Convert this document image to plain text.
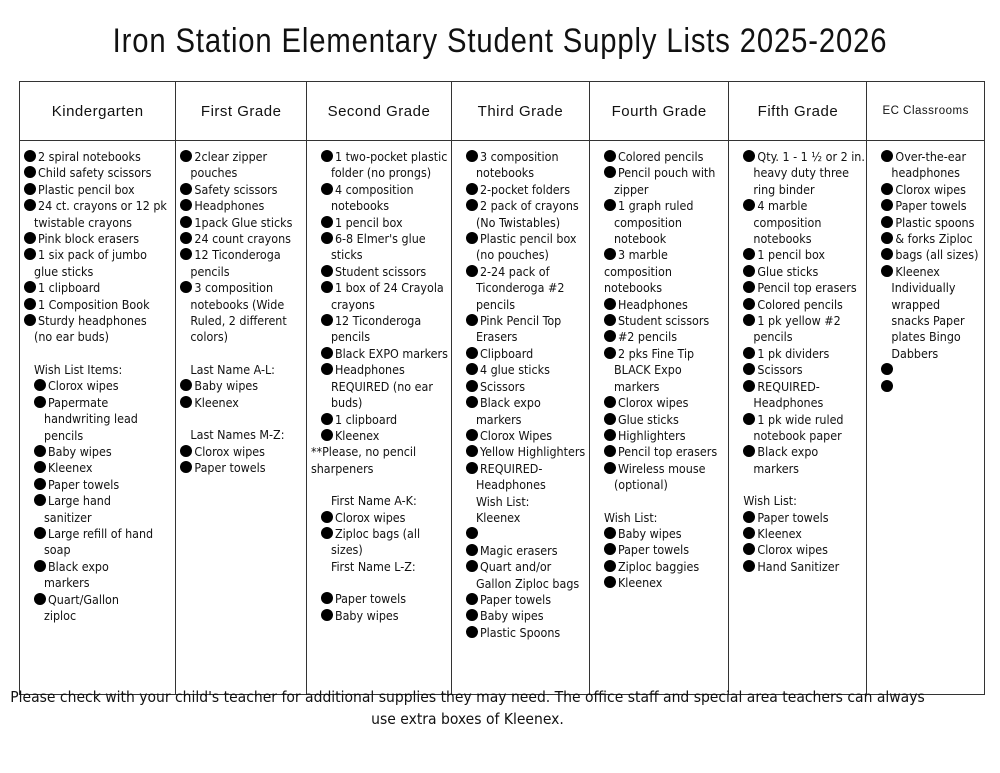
Iron Station Elementary Student Supply Lists 2025-2026
Kindergarten
2 spiral notebooks
Child safety scissors
Plastic pencil box
24 ct. crayons or 12 pk
twistable crayons
Pink block erasers
1 six pack of jumbo
glue sticks
1 clipboard
1 Composition Book
Sturdy headphones
(no ear buds)
Wish List Items:
Clorox wipes
Papermate
handwriting lead
pencils
Baby wipes
Kleenex
Paper towels
Large hand
sanitizer
Large refill of hand
soap
Black expo
markers
Quart/Gallon
ziploc
First Grade
2clear zipper
pouches
Safety scissors
Headphones
1pack Glue sticks
24 count crayons
12 Ticonderoga
pencils
3 composition
notebooks (Wide
Ruled, 2 different
colors)
Last Name A-L:
Baby wipes
Kleenex
Last Names M-Z:
Clorox wipes
Paper towels
Second Grade
1 two-pocket plastic
folder (no prongs)
4 composition
notebooks
1 pencil box
6-8 Elmer's glue
sticks
Student scissors
1 box of 24 Crayola
crayons
12 Ticonderoga
pencils
Black EXPO markers
Headphones
REQUIRED (no ear
buds)
1 clipboard
Kleenex
**Please, no pencil
sharpeners
First Name A-K:
Clorox wipes
Ziploc bags (all
sizes)
First Name L-Z:
Paper towels
Baby wipes
Third Grade
3 composition
notebooks
2-pocket folders
2 pack of crayons
(No Twistables)
Plastic pencil box
(no pouches)
2-24 pack of
Ticonderoga #2
pencils
Pink Pencil Top
Erasers
Clipboard
4 glue sticks
Scissors
Black expo
markers
Clorox Wipes
Yellow Highlighters
REQUIRED-
Headphones
Wish List:
Kleenex
Magic erasers
Quart and/or
Gallon Ziploc bags
Paper towels
Baby wipes
Plastic Spoons
Fourth Grade
Colored pencils
Pencil pouch with
zipper
1 graph ruled
composition
notebook
3 marble
composition
notebooks
Headphones
Student scissors
#2 pencils
2 pks Fine Tip
BLACK Expo
markers
Clorox wipes
Glue sticks
Highlighters
Pencil top erasers
Wireless mouse
(optional)
Wish List:
Baby wipes
Paper towels
Ziploc baggies
Kleenex
Fifth Grade
Qty. 1 - 1 ½ or 2 in.
heavy duty three
ring binder
4 marble
composition
notebooks
1 pencil box
Glue sticks
Pencil top erasers
Colored pencils
1 pk yellow #2
pencils
1 pk dividers
Scissors
REQUIRED-
Headphones
1 pk wide ruled
notebook paper
Black expo
markers
Wish List:
Paper towels
Kleenex
Clorox wipes
Hand Sanitizer
EC Classrooms
Over-the-ear
headphones
Clorox wipes
Paper towels
Plastic spoons
& forks Ziploc
bags (all sizes)
Kleenex
Individually
wrapped
snacks Paper
plates Bingo
Dabbers
Please check with your child's teacher for additional supplies they may need. The office staff and special area teachers can always
use extra boxes of Kleenex.
